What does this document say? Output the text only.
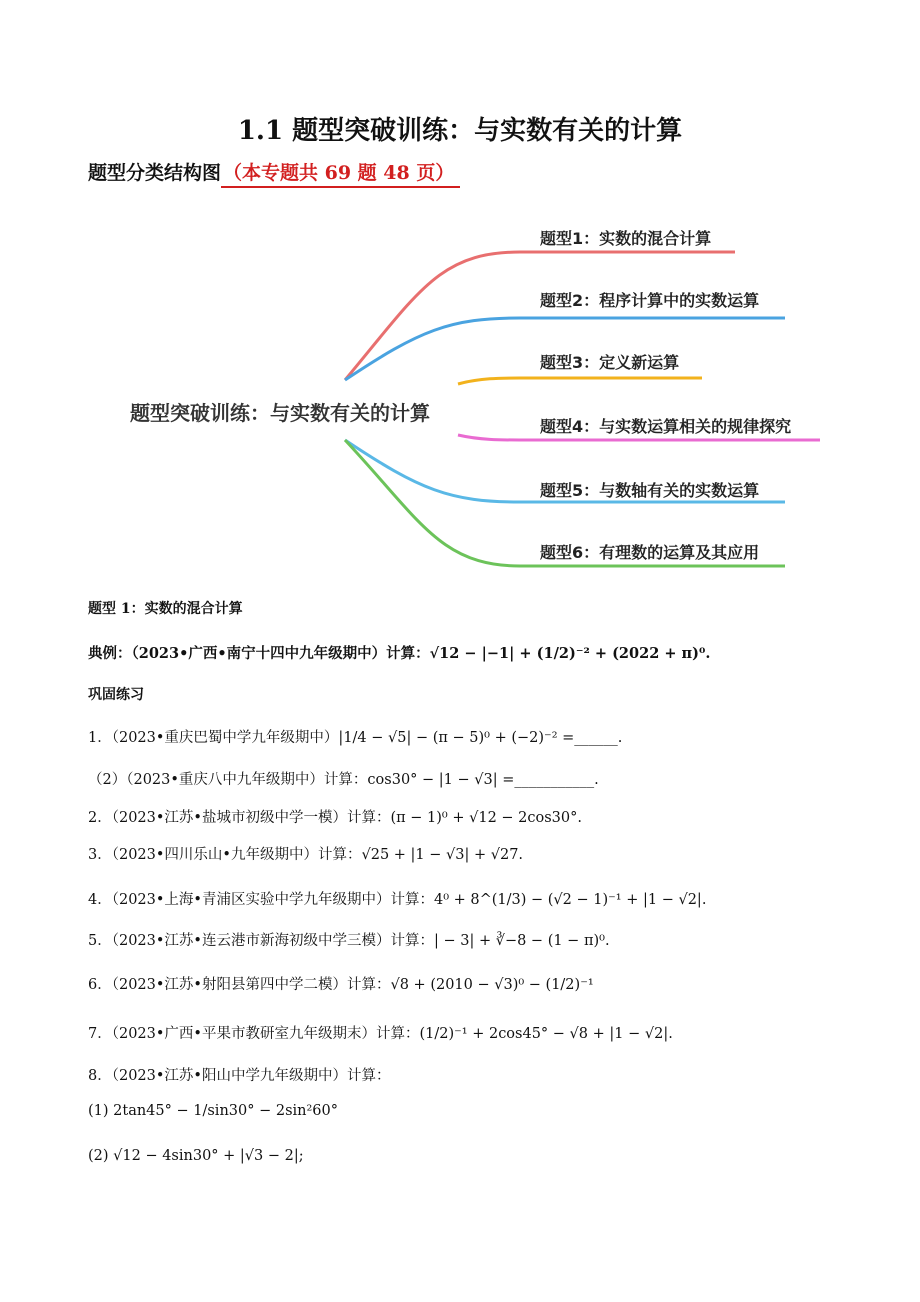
1.1 题型突破训练：与实数有关的计算
题型分类结构图 （本专题共 69 题 48 页）
题型突破训练：与实数有关的计算
题型1：实数的混合计算
题型2：程序计算中的实数运算
题型3：定义新运算
题型4：与实数运算相关的规律探究
题型5：与数轴有关的实数运算
题型6：有理数的运算及其应用
题型 1：实数的混合计算
典例：（2023•广西•南宁十四中九年级期中）计算：√12 − |−1| + (1/2)⁻² + (2022 + π)⁰.
巩固练习
1．（2023•重庆巴蜀中学九年级期中）|1/4 − √5| − (π − 5)⁰ + (−2)⁻² =______.
（2）（2023•重庆八中九年级期中）计算：cos30° − |1 − √3| =___________.
2．（2023•江苏•盐城市初级中学一模）计算：(π − 1)⁰ + √12 − 2cos30°.
3．（2023•四川乐山•九年级期中）计算：√25 + |1 − √3| + √27.
4．（2023•上海•青浦区实验中学九年级期中）计算：4⁰ + 8^(1/3) − (√2 − 1)⁻¹ + |1 − √2|.
5．（2023•江苏•连云港市新海初级中学三模）计算：| − 3| + ∛−8 − (1 − π)⁰.
6．（2023•江苏•射阳县第四中学二模）计算：√8 + (2010 − √3)⁰ − (1/2)⁻¹
7．（2023•广西•平果市教研室九年级期末）计算：(1/2)⁻¹ + 2cos45° − √8 + |1 − √2|.
8．（2023•江苏•阳山中学九年级期中）计算：
(1) 2tan45° − 1/sin30° − 2sin²60°
(2) √12 − 4sin30° + |√3 − 2|;
